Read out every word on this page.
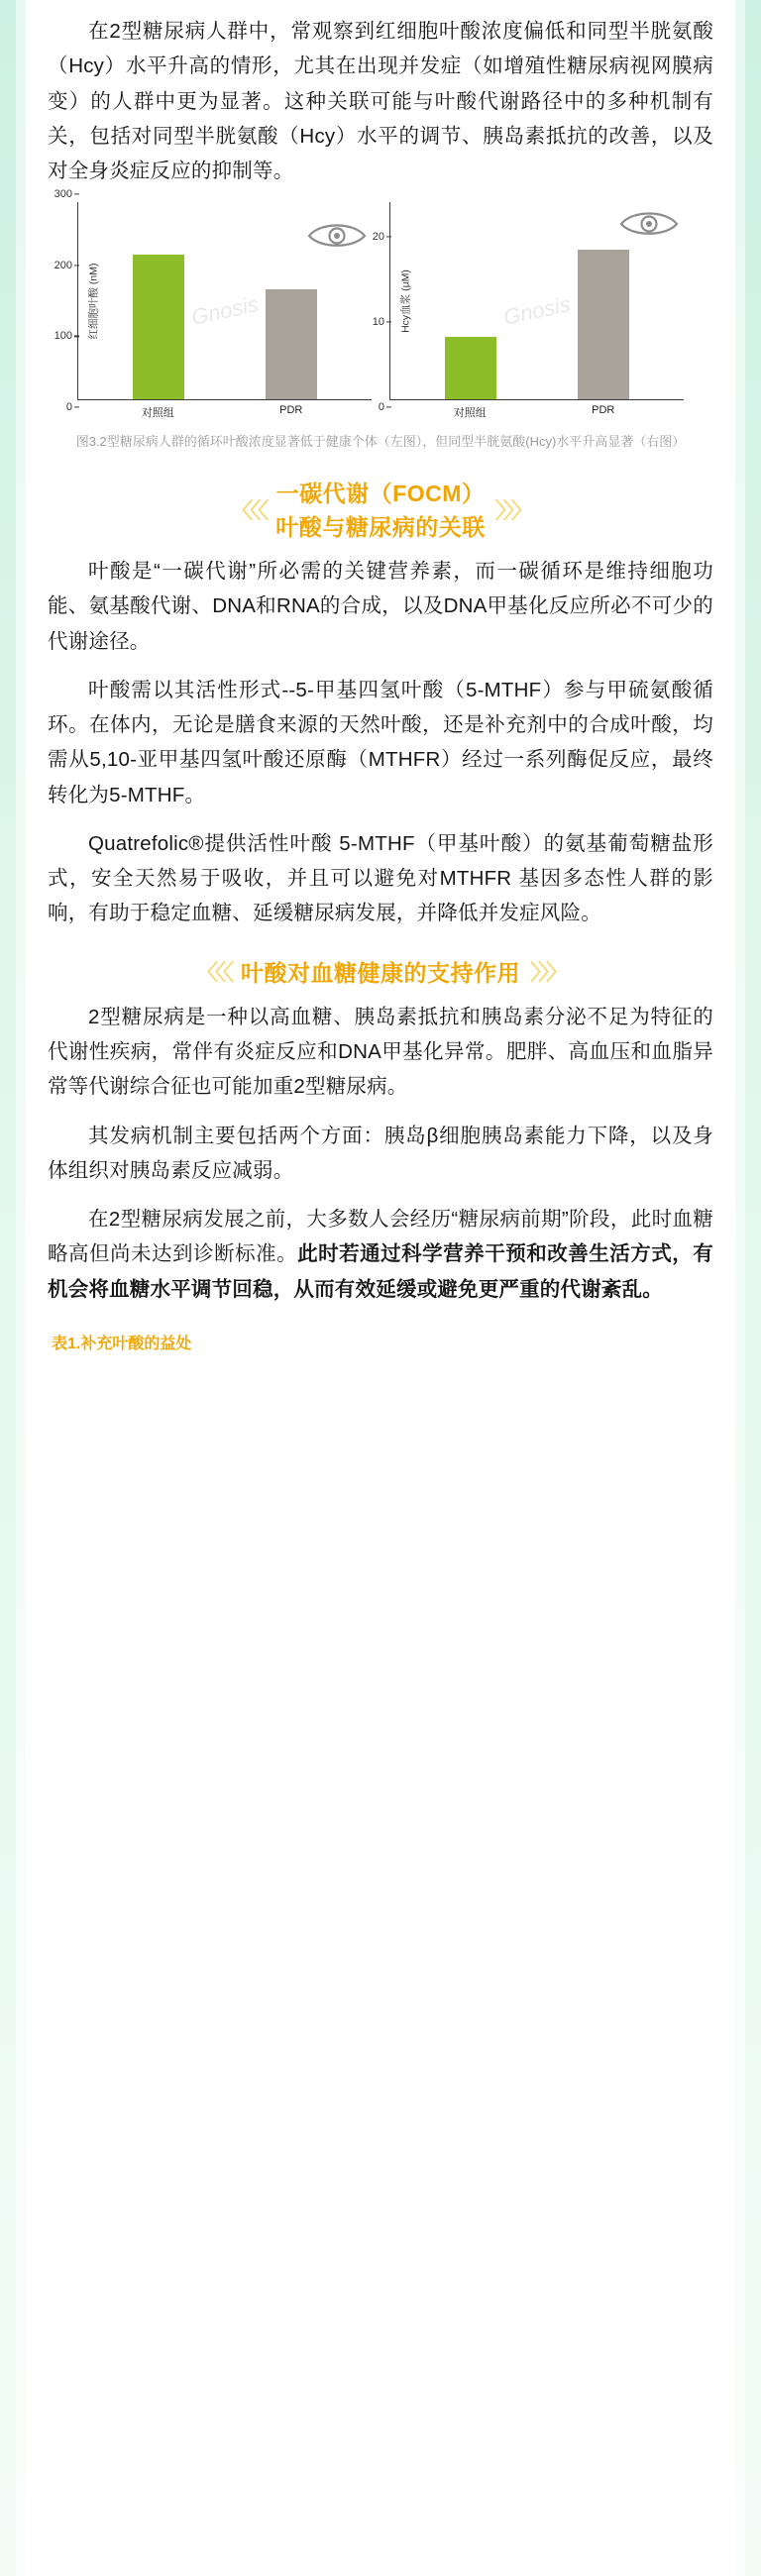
在2型糖尿病人群中，常观察到红细胞叶酸浓度偏低和同型半胱氨酸（Hcy）水平升高的情形，尤其在出现并发症（如增殖性糖尿病视网膜病变）的人群中更为显著。这种关联可能与叶酸代谢路径中的多种机制有关，包括对同型半胱氨酸（Hcy）水平的调节、胰岛素抵抗的改善，以及对全身炎症反应的抑制等。

红细胞叶酸 (nM)
0
100
200
300
Gnosis
对照组	PDR
Hcy血浆 (µM)
0
10
20
Gnosis
对照组	PDR
图3.2型糖尿病人群的循环叶酸浓度显著低于健康个体（左图），但同型半胱氨酸(Hcy)水平升高显著（右图）
〈〈〈
一碳代谢（FOCM）
叶酸与糖尿病的关联
〉〉〉

叶酸是“一碳代谢”所必需的关键营养素，而一碳循环是维持细胞功能、氨基酸代谢、DNA和RNA的合成，以及DNA甲基化反应所必不可少的代谢途径。

叶酸需以其活性形式--5-甲基四氢叶酸（5-MTHF）参与甲硫氨酸循环。在体内，无论是膳食来源的天然叶酸，还是补充剂中的合成叶酸，均需从5,10-亚甲基四氢叶酸还原酶（MTHFR）经过一系列酶促反应，最终转化为5-MTHF。

Quatrefolic®提供活性叶酸 5-MTHF（甲基叶酸）的氨基葡萄糖盐形式，安全天然易于吸收，并且可以避免对MTHFR 基因多态性人群的影响，有助于稳定血糖、延缓糖尿病发展，并降低并发症风险。

〈〈〈 叶酸对血糖健康的支持作用 〉〉〉

2型糖尿病是一种以高血糖、胰岛素抵抗和胰岛素分泌不足为特征的代谢性疾病，常伴有炎症反应和DNA甲基化异常。肥胖、高血压和血脂异常等代谢综合征也可能加重2型糖尿病。

其发病机制主要包括两个方面：胰岛β细胞胰岛素能力下降，以及身体组织对胰岛素反应减弱。

在2型糖尿病发展之前，大多数人会经历“糖尿病前期”阶段，此时血糖略高但尚未达到诊断标准。此时若通过科学营养干预和改善生活方式，有机会将血糖水平调节回稳，从而有效延缓或避免更严重的代谢紊乱。

表1.补充叶酸的益处
